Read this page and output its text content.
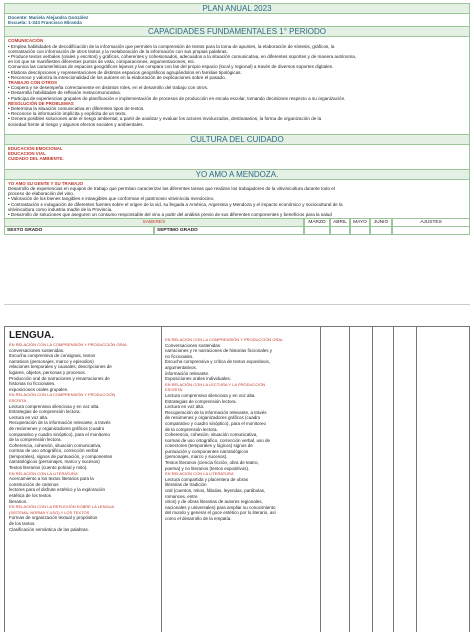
PLAN ANUAL 2023
Docente: Mariela Alejandra González
Escuela: 1-343 Francisco Miranda
CAPACIDADES FUNDAMENTALES 1° PERIODO
COMUNICACIÓN
• Emplea habilidades de decodificación de la información que permiten la comprensión de textos para la toma de apuntes, la elaboración de síntesis, gráficos, la
contrastación con información de otros textos y la reelaboración de la información con sus propias palabras.
• Produce textos verbales (orales y escritos) y gráficos, coherentes y cohesionados, adecuados a la situación comunicativa, en diferentes soportes y de manera autónoma,
en los que se manifiesten diferentes puntos de vista, comparaciones, argumentaciones, etc.
Comunica las características de espacios geográficos lejanos y las compara con las del propio espacio (local y regional) a través de diversos soportes digitales.
• Elabora descripciones y representaciones de distintos espacios geográficos agrupándolos en familias tipológicas.
• Reconoce y valoriza la intencionalidad de los autores en la elaboración de explicaciones sobre el pasado.
TRABAJO CON OTROS
• Coopera y se desempeña correctamente en distintos roles, en el desarrollo del trabajo con otros.
• Desarrolla habilidades de reflexión metacomunicativa.
• Participa de experiencias grupales de planificación e implementación de procesos de producción en escala escolar, tomando decisiones respecto a su organización.
RESOLUCIÓN DE PROBLEMAS
• Determina la situación comunicativa en diferentes tipos de textos.
• Reconoce la información implícita y explícita de un texto.
• Genera posibles soluciones ante el riesgo ambiental, a partir de analizar y evaluar los actores involucrados, destinatarios, la forma de organización de la
sociedad frente al riesgo y algunos efectos sociales y ambientales.
CULTURA DEL CUIDADO
EDUCACIÓN EMOCIONAL
EDUCACION VIAL
CUIDADO DEL AMBIENTE.
YO AMO A MENDOZA.
YO AMO SU GENTE Y SU TRABAJO
Desarrollo de experiencias en equipos de trabajo que permitan caracterizar las diferentes tareas que realizan los trabajadores de la vitivinicultura durante todo el
proceso de elaboración del vino.
• Valoración de los bienes tangibles e intangibles que conforman el patrimonio vitivinícola mendocino.
• Contrastación e indagación de diferentes fuentes sobre el origen de la vid, su llegada a América, Argentina y Mendoza y el impacto económico y sociocultural de la
vitivinicultura como industria madre de la Provincia.
• Desarrollo de soluciones que aseguren un consumo responsable del vino a partir del análisis previo de sus diferentes componentes y beneficios para la salud
SABERES	MARZO	ABRIL	MAYO	JUNIO	AJUSTES
SEXTO GRADO	SEPTIMO GRADO
LENGUA.
EN RELACIÓN CON LA COMPRENSIÓN Y PRODUCCIÓN ORAL
conversaciones sostenidas.
Escucha comprensiva de consignas, textos
narrativos (personajes, marco y episodios)
relaciones temporales y causales; descripciones de
lugares, objetos, personas y procesos.
Producción oral de narraciones y renarraciones de
historias no ficcionales.
exposiciones orales grupales.
EN RELACIÓN CON LA COMPRENSIÓN Y PRODUCCIÓN
ESCRITA.
Lectura comprensiva silenciosa y en voz alta.
Estrategias de comprensión lectora.
Lectura en voz alta.
Recuperación de la información relevante, a través
de resúmenes y organizadores gráficos (cuadro
comparativo y cuadro sinóptico), para el monitoreo
de la comprensión lectora.
Coherencia, cohesión, situación comunicativa,
normas de uso ortográfico, corrección verbal
(temporales), signos de puntuación, y componentes
narratológicos (personajes, marco y sucesos)
Textos literarios (cuento policial y mito).
EN RELACIÓN CON LA LITERATURA
Acercamiento a los textos literarios para la
construcción de caminos
lectores para el disfrute estético y la exploración
estética de los textos
literarios.
EN RELACIÓN CON LA REFLEXIÓN SOBRE LA LENGUA
(SISTEMA, NORMA Y USO) Y LOS TEXTOS
Formas de organización textual y propósitos
de los textos.
Clasificación semántica de las palabras.
EN RELACIÓN CON LA COMPRENSIÓN Y PRODUCCIÓN ORAL
Conversaciones sostenidas.
narraciones y re narraciones de historias ficcionales y
no ficcionales.
Escucha comprensiva y crítica de textos expositivos,
argumentativos.
información relevante.
Exposiciones orales individuales.
EN RELACIÓN CON LA LECTURA Y LA PRODUCCIÓN
ESCRITA.
Lectura comprensiva silenciosa y en voz alta.
Estrategias de comprensión lectora.
Lectura en voz alta.
Recuperación de la información relevante, a través
de resúmenes y organizadores gráficos (cuadro
comparativo y cuadro sinóptico), para el monitoreo
de la comprensión lectora.
Coherencia, cohesión, situación comunicativa,
normas de uso ortográfico, corrección verbal, uso de
conectores (temporales y lógicos) signos de
puntuación y componentes narratológicos
(personajes, marco y sucesos).
Textos literarios (ciencia ficción, obra de teatro,
poema) y no literarios (textos expositivos).
EN RELACIÓN CON LA LITERATURA
Lectura compartida y placentera de obras
literarias de tradición
oral (cuentos, mitos, fábulas, leyendas, parábolas,
romances, entre
otros) y de obras literarias de autores regionales,
nacionales y universales) para ampliar su conocimiento
del mundo y generar el goce estético por lo literario, así
como el desarrollo de la empatía.
